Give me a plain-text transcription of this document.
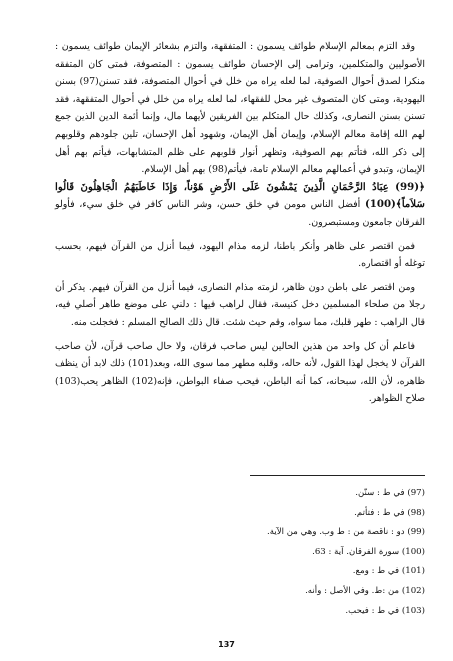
وقد التزم بمعالم الإسلام طوائف يسمون : المتفقهة، والتزم بشعائر الإيمان طوائف يسمون : الأصوليين والمتكلمين، وترامى إلى الإحسان طوائف يسمون : المتصوفة، فمتى كان المتفقه منكرا لصدق أحوال الصوفية، لما لعله يراه من خلل في أحوال المتصوفة، فقد تسنن(97) بسنن اليهودية، ومتى كان المتصوف غير محل للفقهاء، لما لعله يراه من خلل في أحوال المتفقهة، فقد تسنن بسنن النصارى، وكذلك حال المتكلم بين الفريقين لأيهما مال، وإنما أئمة الدين الذين جمع لهم الله إقامة معالم الإسلام، وإيمان أهل الإيمان، وشهود أهل الإحسان، تلين جلودهم وقلوبهم إلى ذكر الله، فتأتم بهم الصوفية، وتظهر أنوار قلوبهم على ظلم المتشابهات، فيأتم بهم أهل الإيمان، وتبدو في أعمالهم معالم الإسلام تامة، فيأتم(98) بهم أهل الإسلام.

﴿(99) عِبَادُ الرَّحْمَانِ الَّذِينَ يَمْشُونَ عَلَى الأَرْضِ هَوْناً، وَإِذَا خَاطَبَهُمُ الْجَاهِلُونَ قَالُوا سَلاَماً﴾(100) أفضل الناس مومن في خلق حسن، وشر الناس كافر في خلق سيء، فأولو الفرقان جامعون ومستبصرون.

فمن اقتصر على ظاهر وأنكر باطنا، لزمه مذام اليهود، فيما أنزل من القرآن فيهم، بحسب توغله أو اقتصاره.

ومن اقتصر على باطن دون ظاهر، لزمته مذام النصارى، فيما أنزل من القرآن فيهم. يذكر أن رجلا من صلحاء المسلمين دخل كنيسة، فقال لراهب فيها : دلني على موضع طاهر أصلي فيه، قال الراهب : طهر قلبك، مما سواه، وقم حيث شئت. قال ذلك الصالح المسلم : فخجلت منه.

فاعلم أن كل واحد من هذين الحالين ليس صاحب فرقان، ولا حال صاحب قرآن، لأن صاحب القرآن لا يخجل لهذا القول، لأنه حاله، وقلبه مطهر مما سوى الله، وبعد(101) ذلك لابد أن ينظف ظاهره، لأن الله، سبحانه، كما أنه الباطن، فيحب صفاء البواطن، فإنه(102) الظاهر يحب(103) صلاح الظواهر.

(97) في ط : سنّن.
(98) في ط : فتأتم.
(99) دو : ناقصة من : ط وب. وهي من الآية.
(100) سورة الفرقان. آية : 63.
(101) في ط : ومع.
(102) من :ط. وفي الأصل : وأنه.
(103) في ط : فيحب.
137
